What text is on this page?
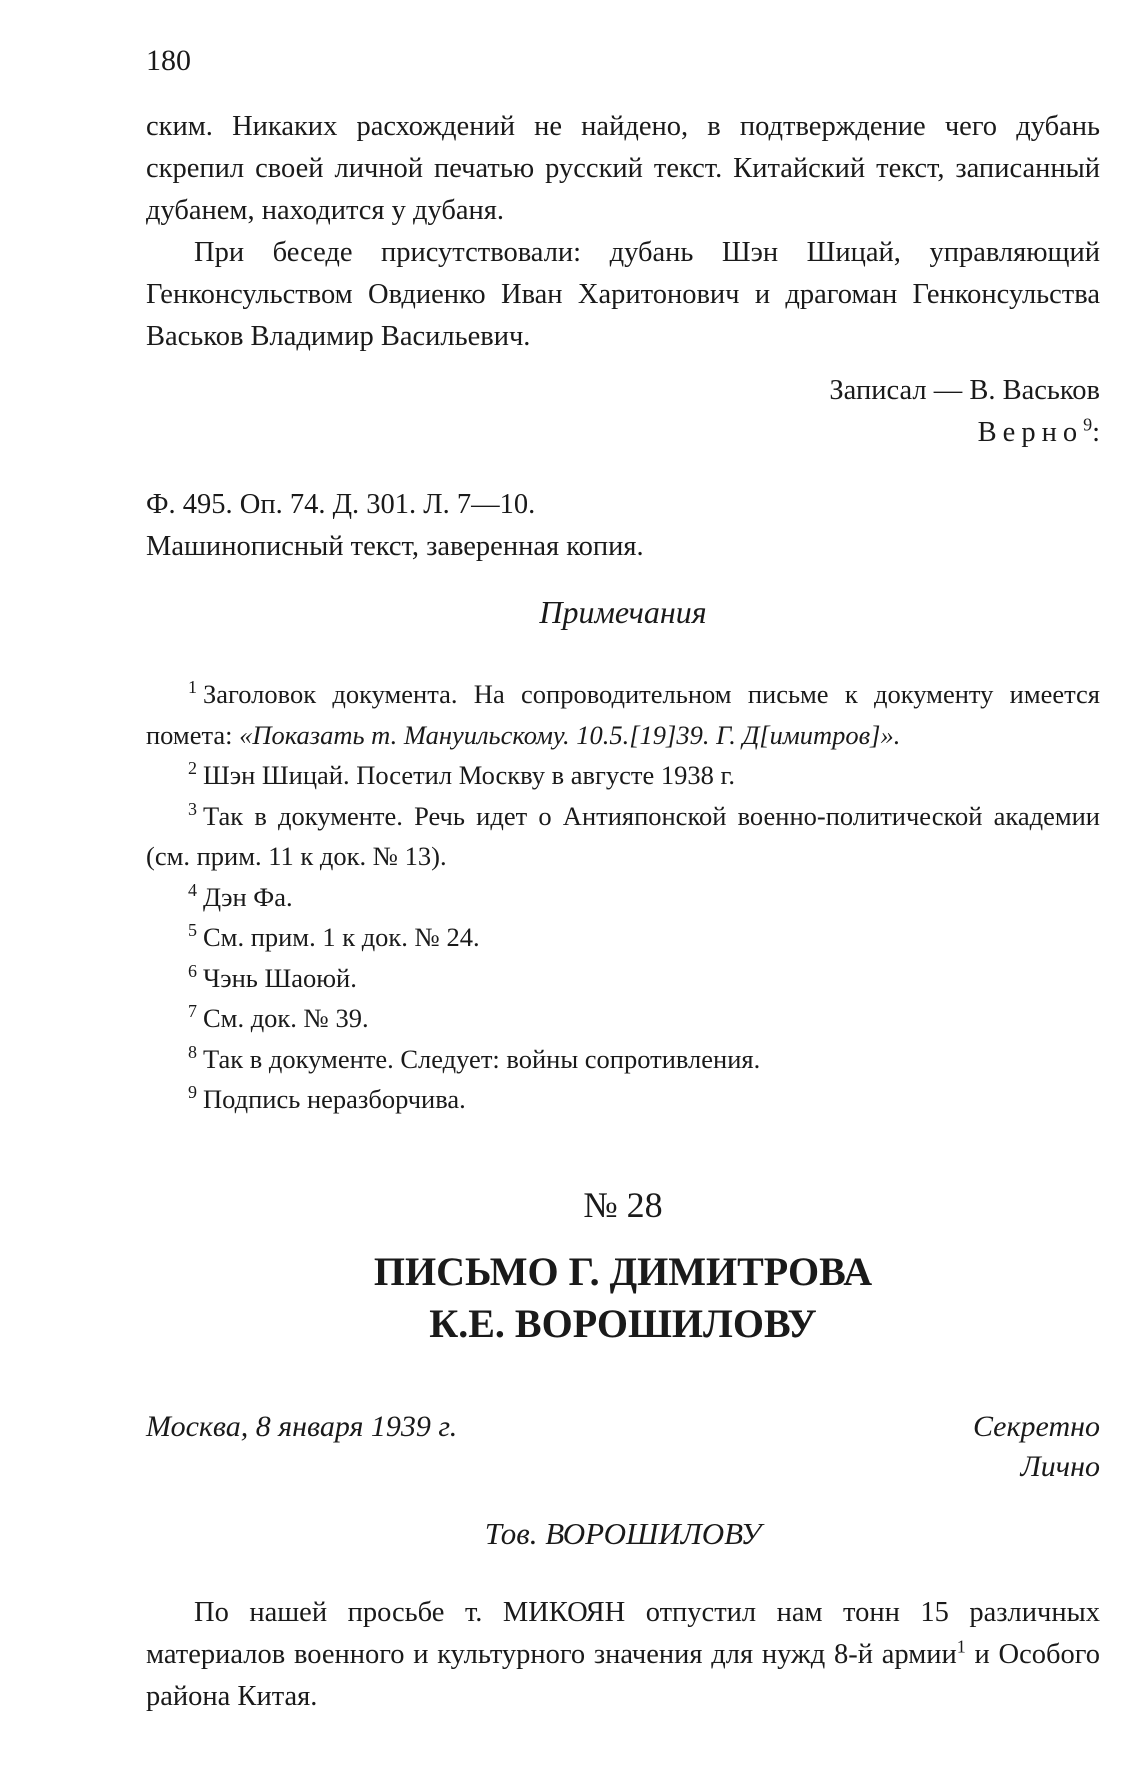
180

ским. Никаких расхождений не найдено, в подтверждение чего дубань скрепил своей личной печатью русский текст. Китайский текст, записанный дубанем, находится у дубаня.

При беседе присутствовали: дубань Шэн Шицай, управляющий Генконсульством Овдиенко Иван Харитонович и драгоман Генконсульства Васьков Владимир Васильевич.

Записал — В. Васьков

Верно$^9$:

Ф. 495. Оп. 74. Д. 301. Л. 7—10.

Машинописный текст, заверенная копия.

Примечания

$^1$ Заголовок документа. На сопроводительном письме к документу имеется помета: «Показать т. Мануильскому. 10.5.[19]39. Г. Д[имитров]».

$^2$ Шэн Шицай. Посетил Москву в августе 1938 г.

$^3$ Так в документе. Речь идет о Антияпонской военно-политической академии (см. прим. 11 к док. № 13).

$^4$ Дэн Фа.

$^5$ См. прим. 1 к док. № 24.

$^6$ Чэнь Шаоюй.

$^7$ См. док. № 39.

$^8$ Так в документе. Следует: войны сопротивления.

$^9$ Подпись неразборчива.

№ 28
ПИСЬМО Г. ДИМИТРОВА
К.Е. ВОРОШИЛОВУ
Москва, 8 января 1939 г.	Секретно
Лично
Тов. ВОРОШИЛОВУ

По нашей просьбе т. МИКОЯН отпустил нам тонн 15 различных материалов военного и культурного значения для нужд 8-й армии$^1$ и Особого района Китая.
